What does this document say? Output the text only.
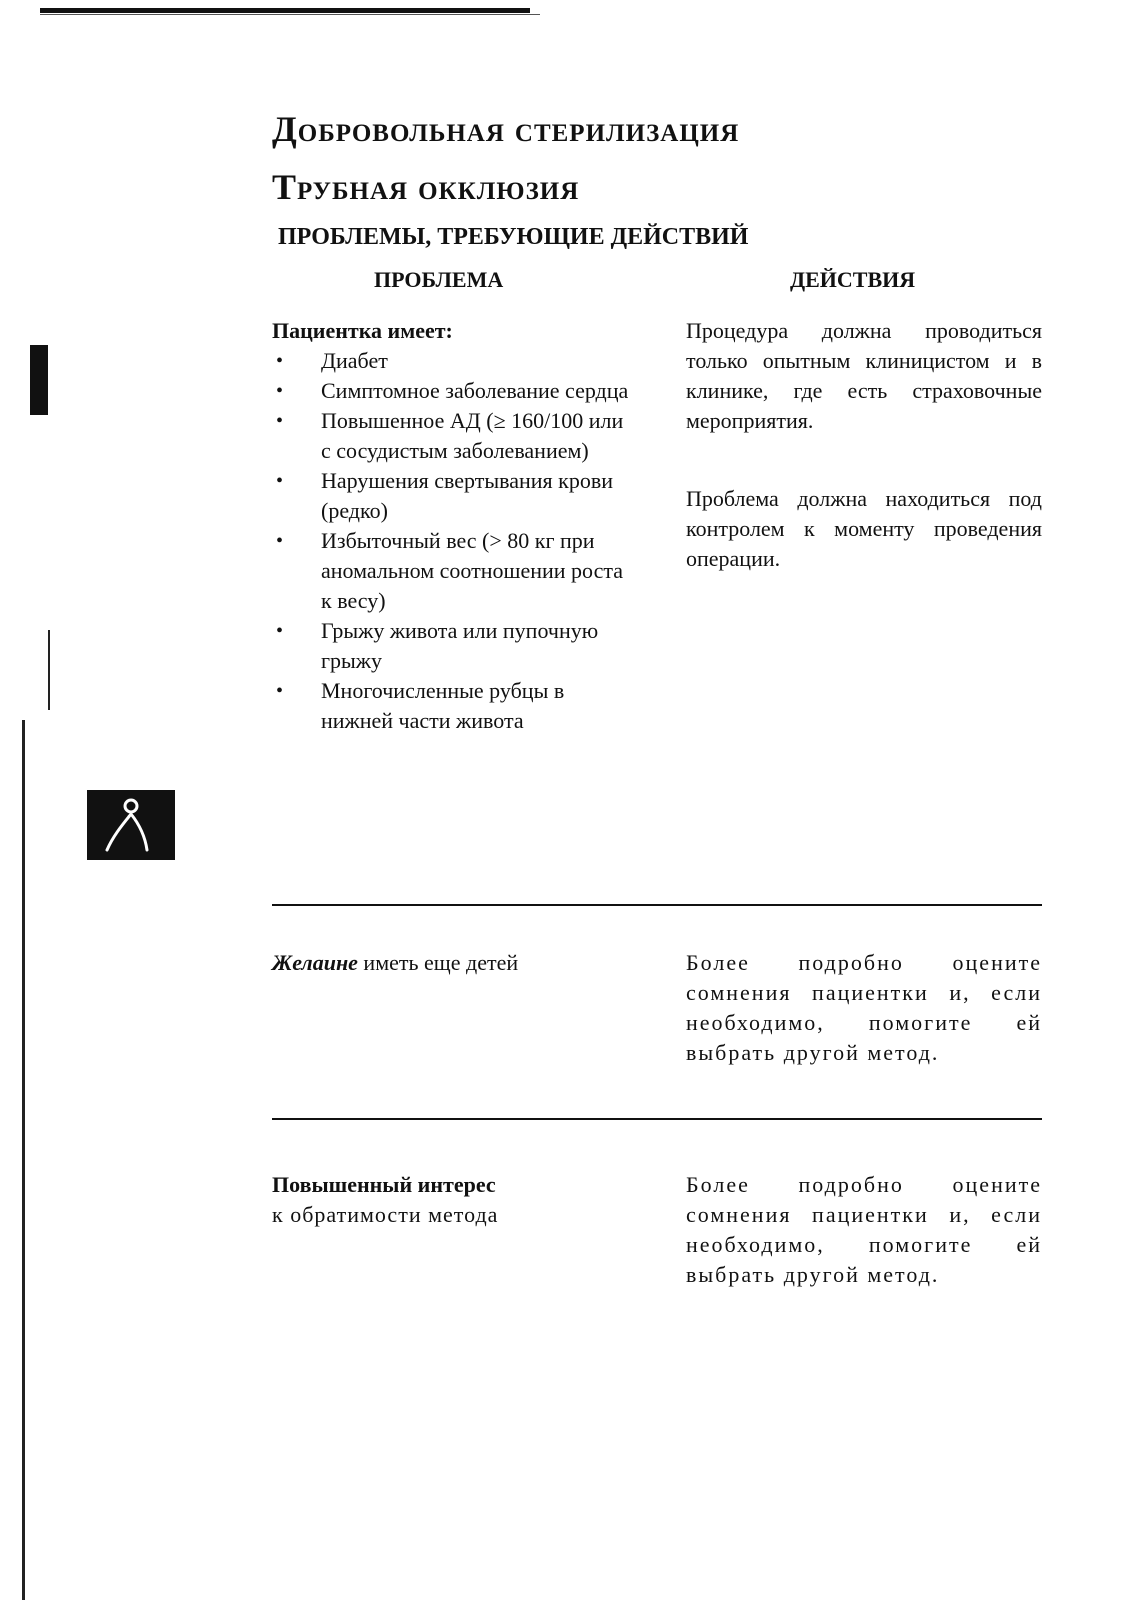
Добровольная стерилизация
Трубная окклюзия
ПРОБЛЕМЫ, ТРЕБУЮЩИЕ ДЕЙСТВИЙ
ПРОБЛЕМА	ДЕЙСТВИЯ
Пациентка имеет:
• Диабет
• Симптомное заболевание сердца
• Повышенное АД (≥ 160/100 или с сосудистым заболеванием)
• Нарушения свертывания крови (редко)
• Избыточный вес (> 80 кг при аномальном соотношении роста к весу)
• Грыжу живота или пупочную грыжу
• Многочисленные рубцы в нижней части живота

Процедура должна проводиться только опытным клиницистом и в клинике, где есть страховочные мероприятия.

Проблема должна находиться под контролем к моменту проведения операции.

Желаине иметь еще детей	Более подробно оцените сомнения пациентки и, если необходимо, помогите ей выбрать другой метод.

Повышенный интерес
к обратимости метода

Более подробно оцените сомнения пациентки и, если необходимо, помогите ей выбрать другой метод.
